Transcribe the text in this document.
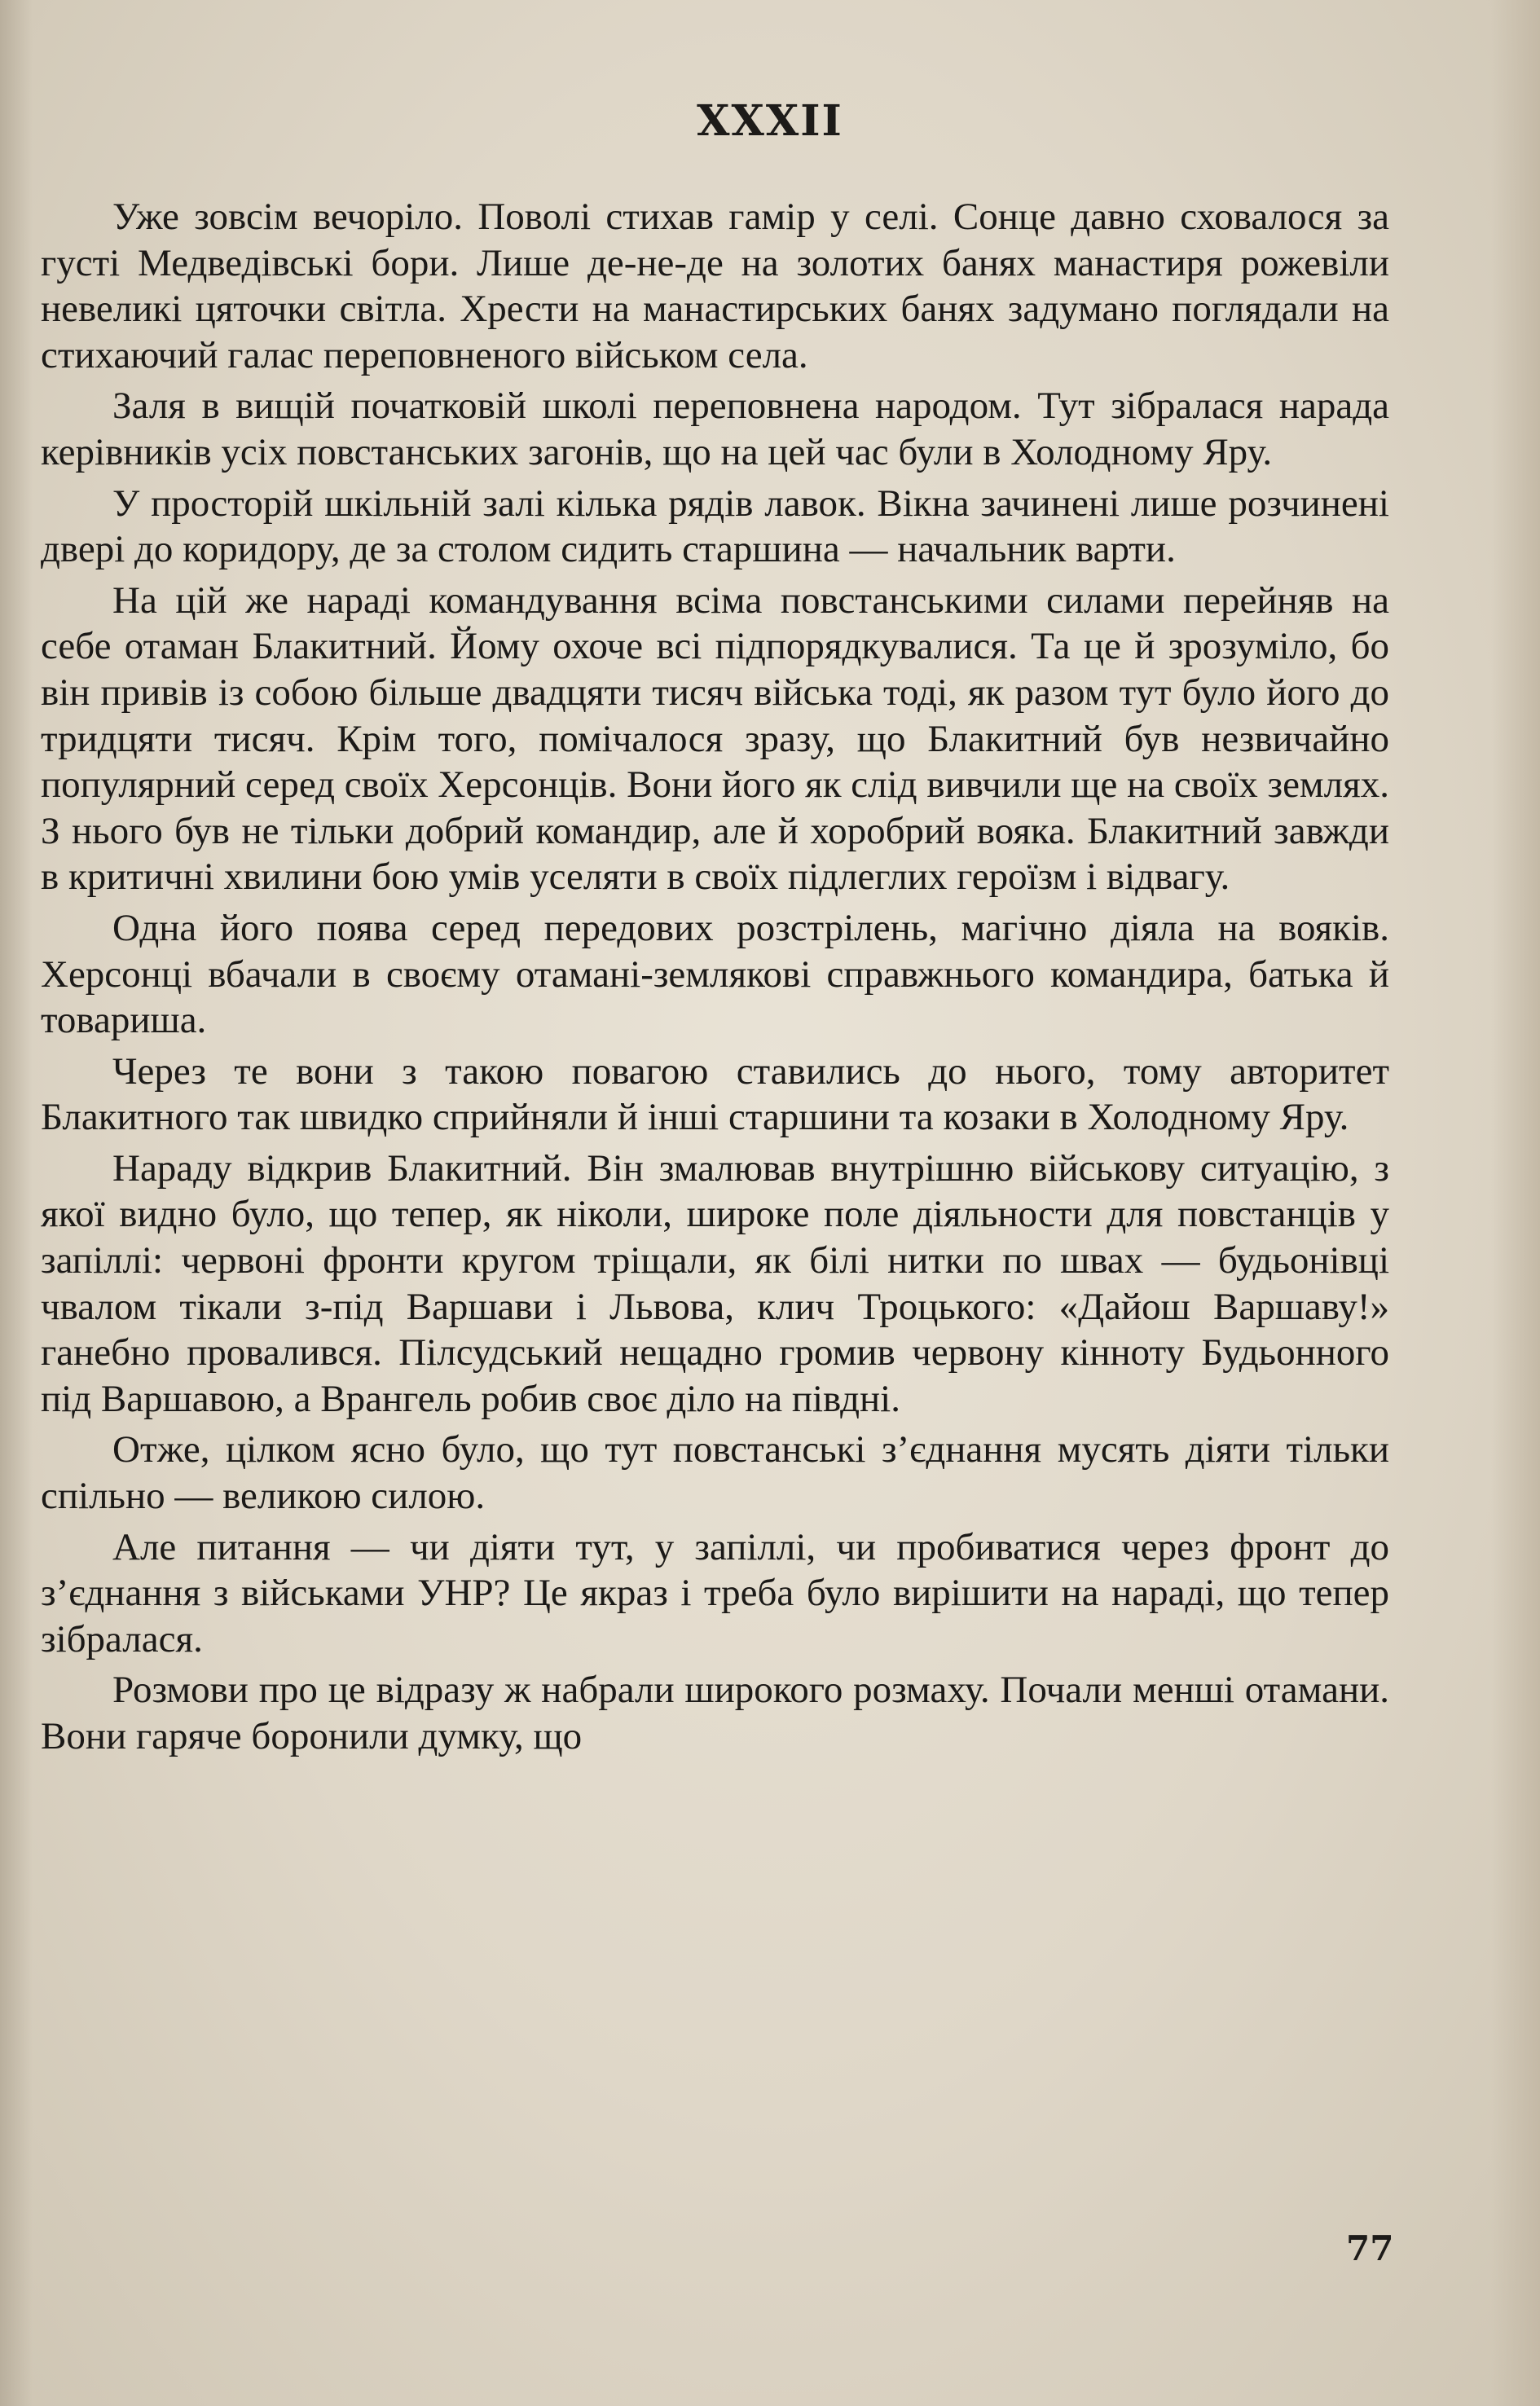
XXXII

Уже зовсім вечоріло. Поволі стихав гамір у селі. Сонце давно сховалося за густі Медведівські бори. Лише де-не-де на золотих банях манастиря рожевіли невеликі цяточки світла. Хрести на манастирських банях задумано поглядали на стихаючий галас переповненого військом села.

Заля в вищій початковій школі переповнена народом. Тут зібралася нарада керівників усіх повстанських загонів, що на цей час були в Холодному Яру.

У просторій шкільній залі кілька рядів лавок. Вікна зачинені лише розчинені двері до коридору, де за столом сидить старшина — начальник варти.

На цій же нараді командування всіма повстанськими силами перейняв на себе отаман Блакитний. Йому охоче всі підпорядкувалися. Та це й зрозуміло, бо він привів із собою більше двадцяти тисяч війська тоді, як разом тут було його до тридцяти тисяч. Крім того, помічалося зразу, що Блакитний був незвичайно популярний серед своїх Херсонців. Вони його як слід вивчили ще на своїх землях. З нього був не тільки добрий командир, але й хоробрий вояка. Блакитний завжди в критичні хвилини бою умів уселяти в своїх підлеглих героїзм і відвагу.

Одна його поява серед передових розстрілень, магічно діяла на вояків. Херсонці вбачали в своєму отамані-землякові справжнього командира, батька й товариша.

Через те вони з такою повагою ставились до нього, тому авторитет Блакитного так швидко сприйняли й інші старшини та козаки в Холодному Яру.

Нараду відкрив Блакитний. Він змалював внутрішню військову ситуацію, з якої видно було, що тепер, як ніколи, широке поле діяльности для повстанців у запіллі: червоні фронти кругом тріщали, як білі нитки по швах — будьонівці чвалом тікали з-під Варшави і Львова, клич Троцького: «Дайош Варшаву!» ганебно провалився. Пілсудський нещадно громив червону кінноту Будьонного під Варшавою, а Врангель робив своє діло на півдні.

Отже, цілком ясно було, що тут повстанські з’єднання мусять діяти тільки спільно — великою силою.

Але питання — чи діяти тут, у запіллі, чи пробиватися через фронт до з’єднання з військами УНР? Це якраз і треба було вирішити на нараді, що тепер зібралася.

Розмови про це відразу ж набрали широкого розмаху. Почали менші отамани. Вони гаряче боронили думку, що

77
